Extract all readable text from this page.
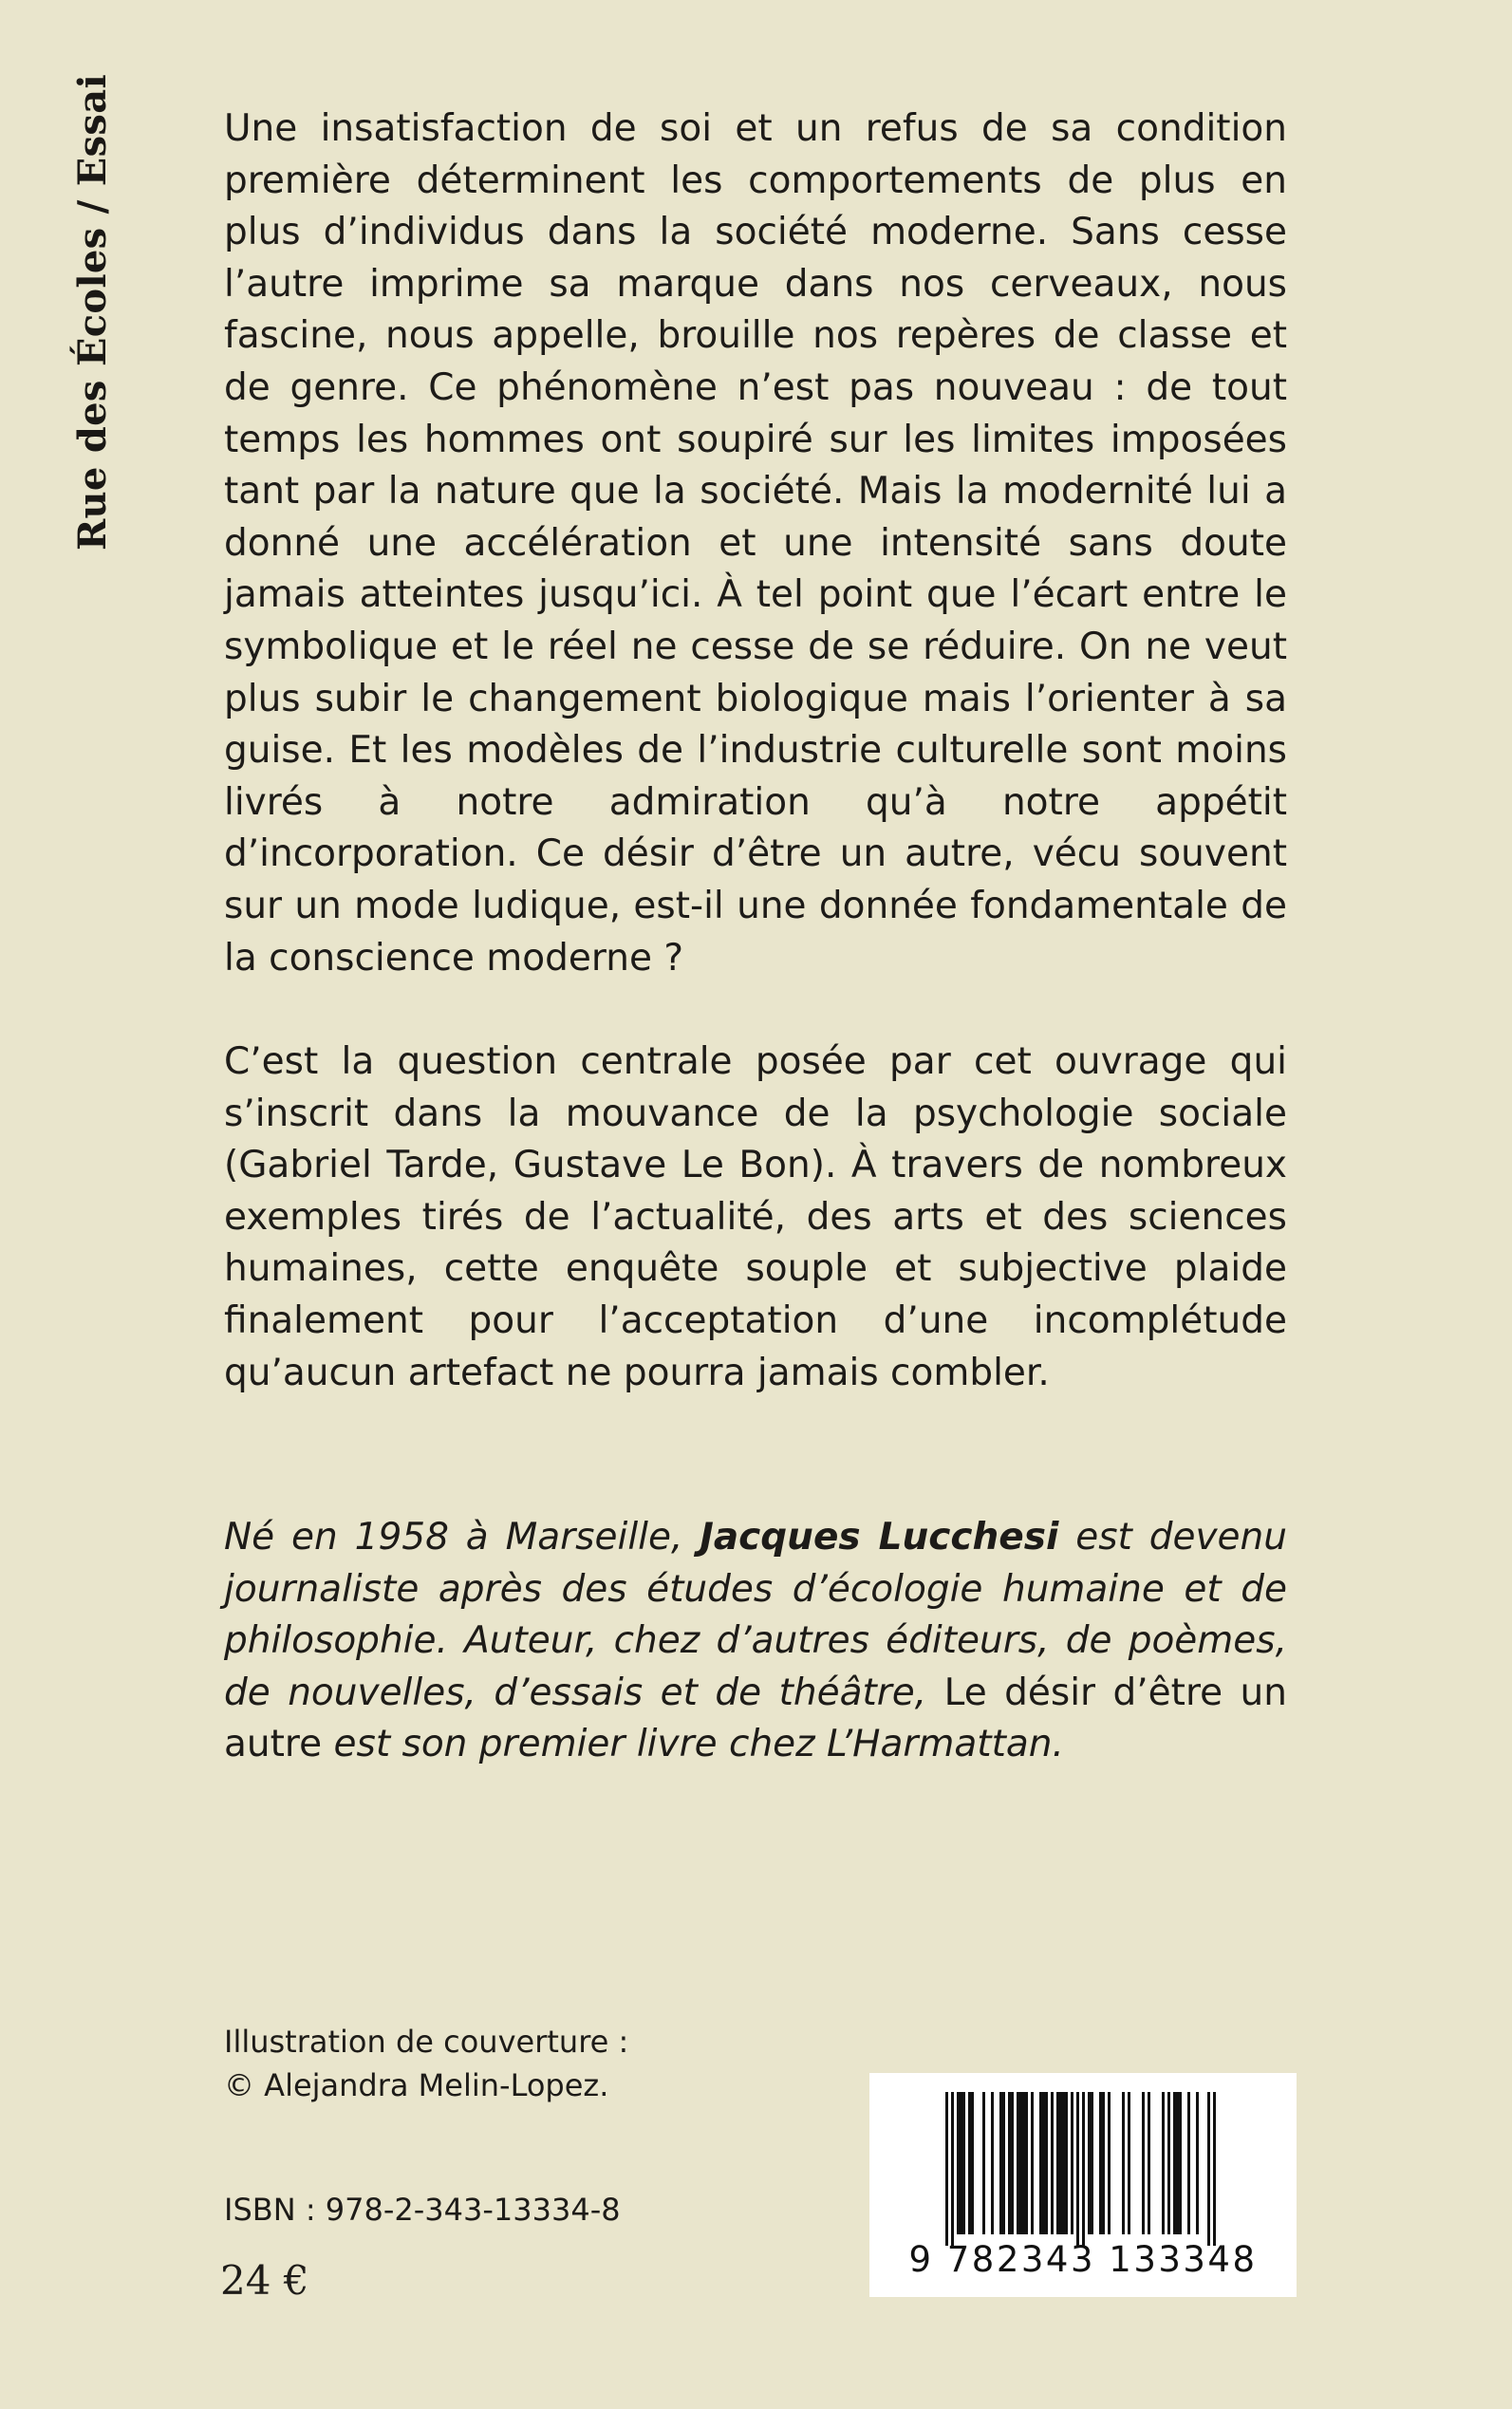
Rue des Écoles / Essai	Une insatisfaction de soi et un refus de sa condition première déterminent les comportements de plus en plus d’individus dans la société moderne. Sans cesse l’autre imprime sa marque dans nos cerveaux, nous fascine, nous appelle, brouille nos repères de classe et de genre. Ce phénomène n’est pas nouveau : de tout temps les hommes ont soupiré sur les limites imposées tant par la nature que la société. Mais la modernité lui a donné une accélération et une intensité sans doute jamais atteintes jusqu’ici. À tel point que l’écart entre le symbolique et le réel ne cesse de se réduire. On ne veut plus subir le changement biologique mais l’orienter à sa guise. Et les modèles de l’industrie culturelle sont moins livrés à notre admiration qu’à notre appétit d’incorporation. Ce désir d’être un autre, vécu souvent sur un mode ludique, est-il une donnée fondamentale de la conscience moderne ?

C’est la question centrale posée par cet ouvrage qui s’inscrit dans la mouvance de la psychologie sociale (Gabriel Tarde, Gustave Le Bon). À travers de nombreux exemples tirés de l’actualité, des arts et des sciences humaines, cette enquête souple et subjective plaide finalement pour l’acceptation d’une incomplétude qu’aucun artefact ne pourra jamais combler.

Né en 1958 à Marseille, Jacques Lucchesi est devenu journaliste après des études d’écologie humaine et de philosophie. Auteur, chez d’autres éditeurs, de poèmes, de nouvelles, d’essais et de théâtre, Le désir d’être un autre est son premier livre chez L’Harmattan.

Illustration de couverture :
© Alejandra Melin-Lopez.
ISBN : 978-2-343-13334-8
24 €	9 782343 133348
